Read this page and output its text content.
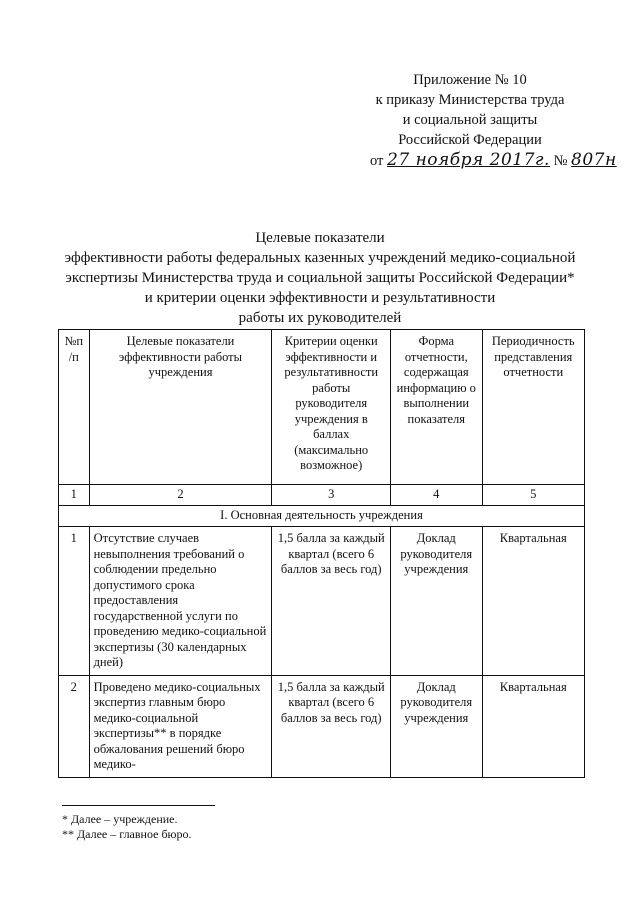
Приложение № 10
к приказу Министерства труда
и социальной защиты
Российской Федерации
от 27 ноября 2017г. № 807н
Целевые показатели
эффективности работы федеральных казенных учреждений медико-социальной
экспертизы Министерства труда и социальной защиты Российской Федерации*
и критерии оценки эффективности и результативности
работы их руководителей
№п /п	Целевые показатели эффективности работы учреждения	Критерии оценки эффективности и результативности работы руководителя учреждения в баллах (максимально возможное)	Форма отчетности, содержащая информацию о выполнении показателя	Периодичность представления отчетности
1	2	3	4	5
I. Основная деятельность учреждения				
1	Отсутствие случаев невыполнения требований о соблюдении предельно допустимого срока предоставления государственной услуги по проведению медико-социальной экспертизы (30 календарных дней)	1,5 балла за каждый квартал (всего 6 баллов за весь год)	Доклад руководителя учреждения	Квартальная
2	Проведено медико-социальных экспертиз главным бюро медико-социальной экспертизы** в порядке обжалования решений бюро медико-	1,5 балла за каждый квартал (всего 6 баллов за весь год)	Доклад руководителя учреждения	Квартальная
* Далее – учреждение.
** Далее – главное бюро.
